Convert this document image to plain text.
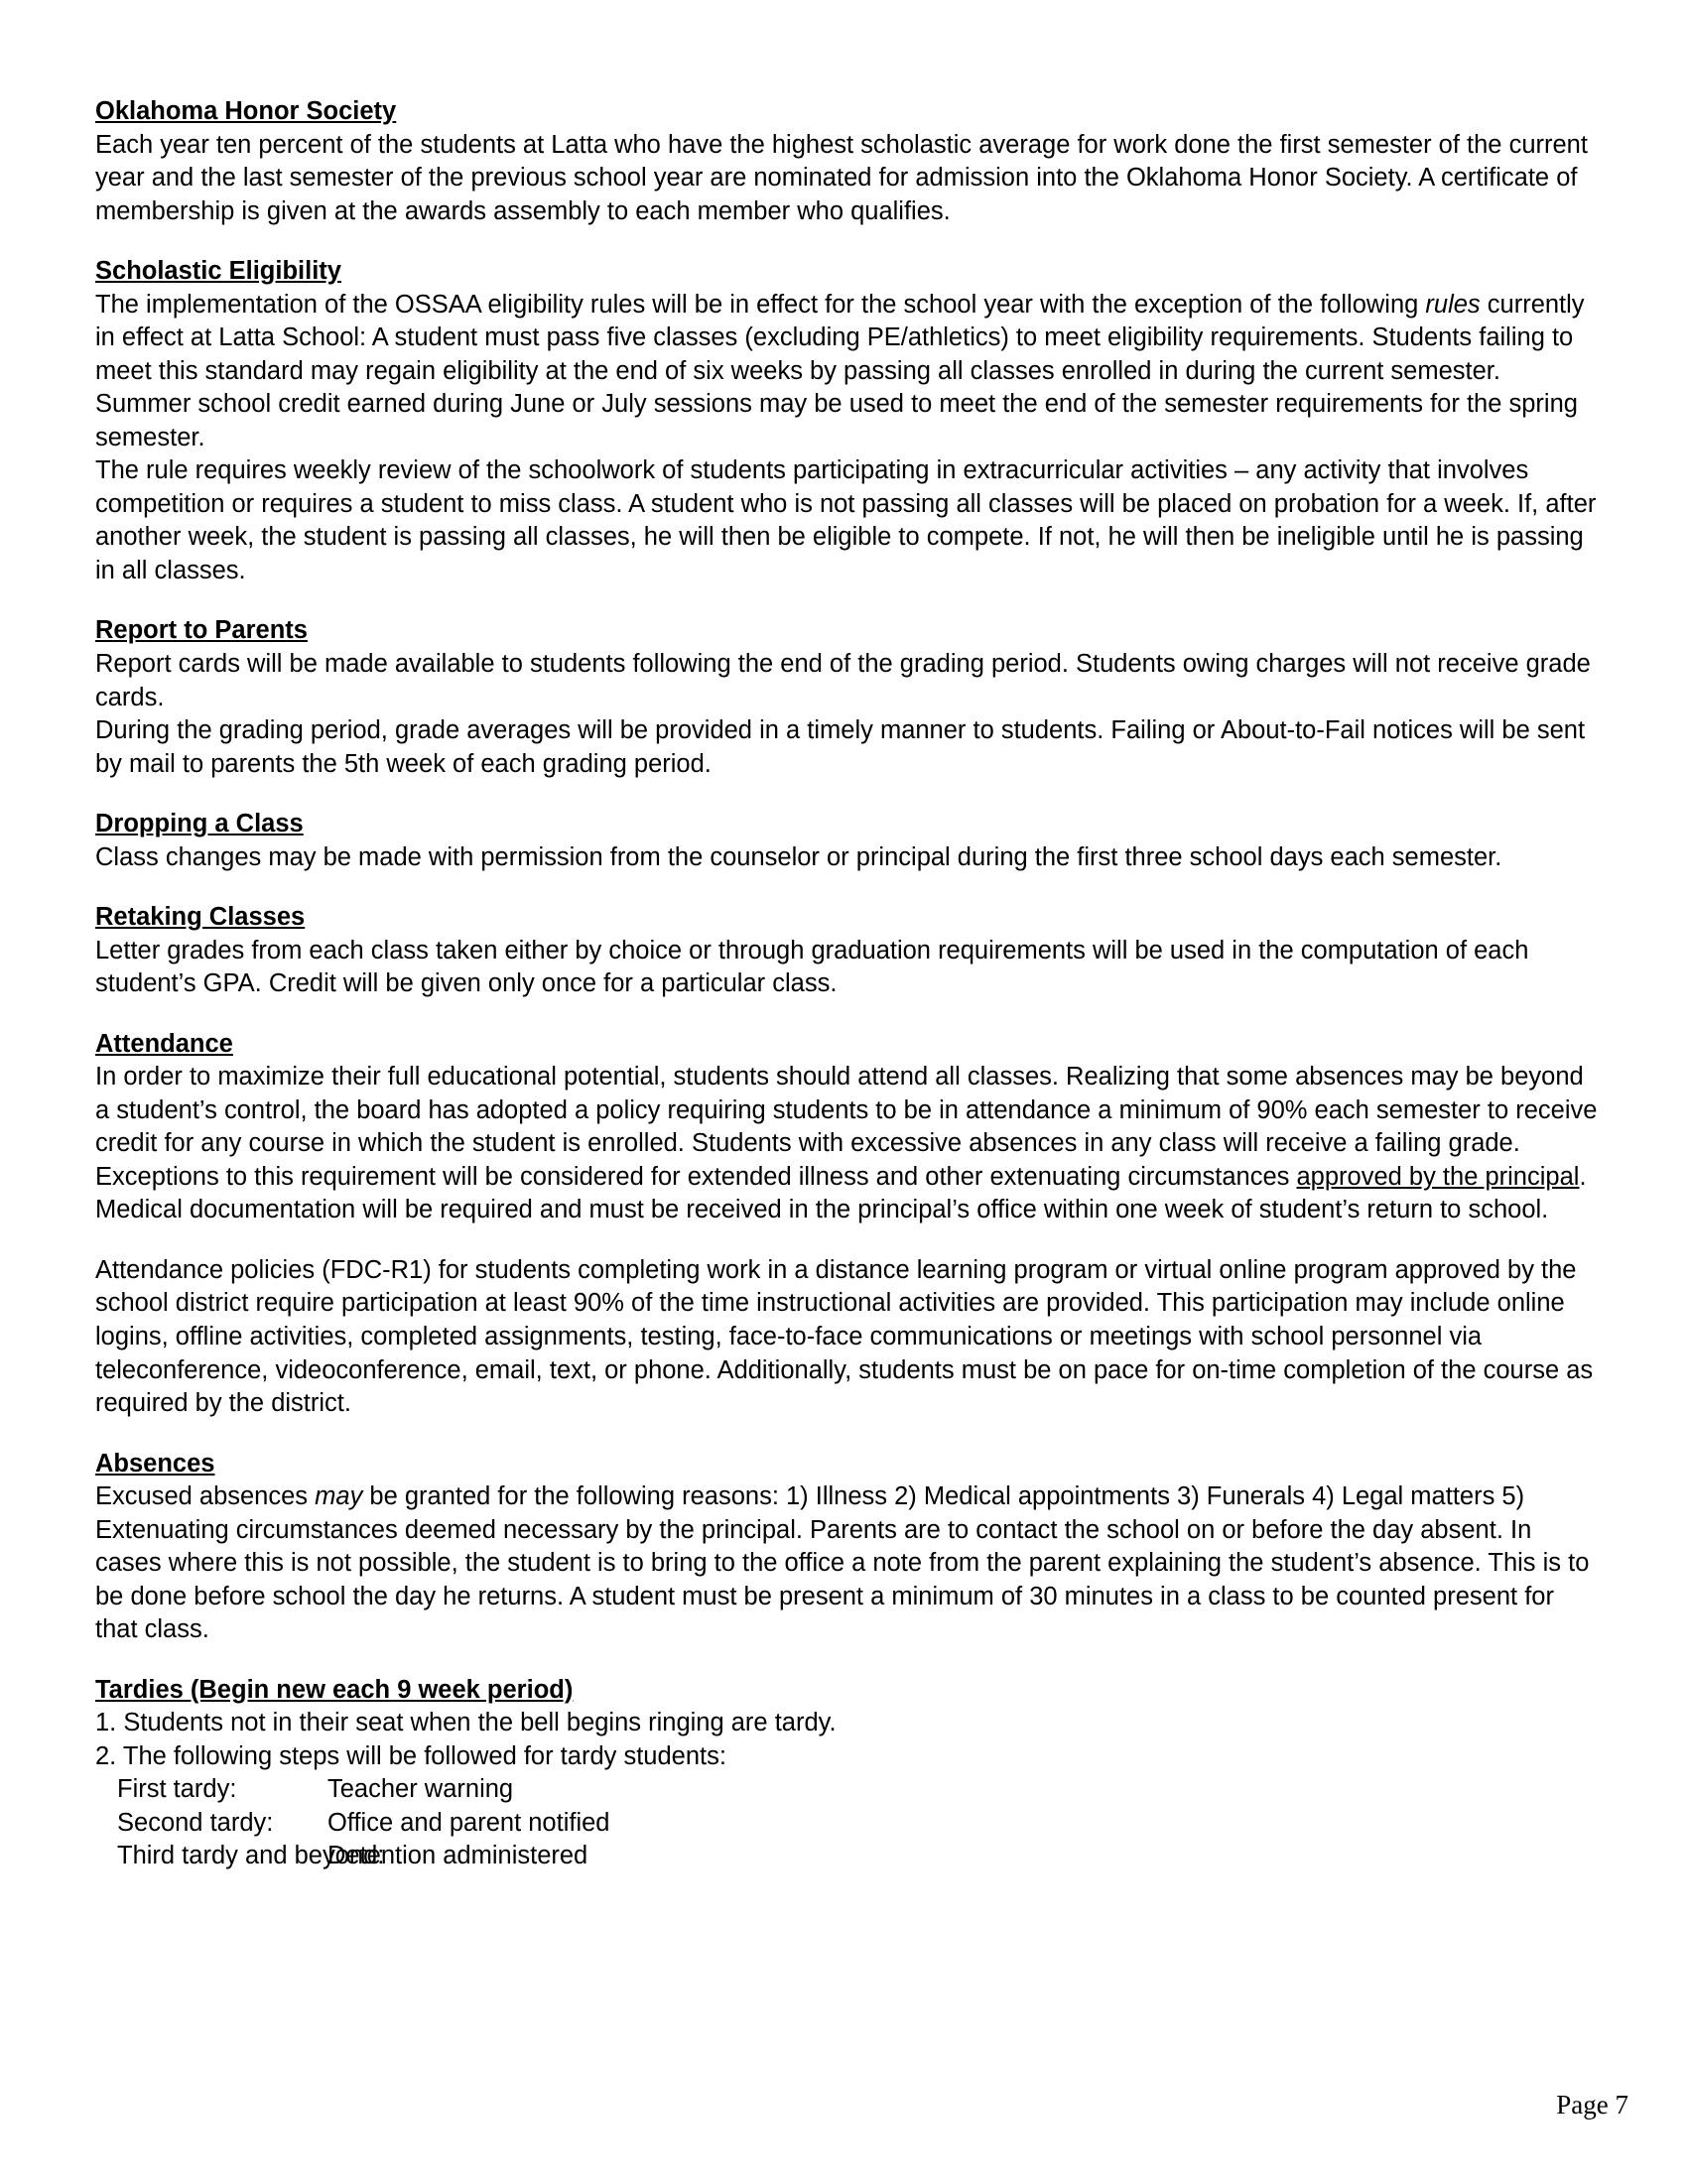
Oklahoma Honor Society

Each year ten percent of the students at Latta who have the highest scholastic average for work done the first semester of the current year and the last semester of the previous school year are nominated for admission into the Oklahoma Honor Society. A certificate of membership is given at the awards assembly to each member who qualifies.

Scholastic Eligibility

The implementation of the OSSAA eligibility rules will be in effect for the school year with the exception of the following rules currently in effect at Latta School: A student must pass five classes (excluding PE/athletics) to meet eligibility requirements. Students failing to meet this standard may regain eligibility at the end of six weeks by passing all classes enrolled in during the current semester. Summer school credit earned during June or July sessions may be used to meet the end of the semester requirements for the spring semester.

The rule requires weekly review of the schoolwork of students participating in extracurricular activities – any activity that involves competition or requires a student to miss class. A student who is not passing all classes will be placed on probation for a week. If, after another week, the student is passing all classes, he will then be eligible to compete. If not, he will then be ineligible until he is passing in all classes.

Report to Parents

Report cards will be made available to students following the end of the grading period. Students owing charges will not receive grade cards.

During the grading period, grade averages will be provided in a timely manner to students. Failing or About-to-Fail notices will be sent by mail to parents the 5th week of each grading period.

Dropping a Class

Class changes may be made with permission from the counselor or principal during the first three school days each semester.

Retaking Classes

Letter grades from each class taken either by choice or through graduation requirements will be used in the computation of each student’s GPA. Credit will be given only once for a particular class.

Attendance

In order to maximize their full educational potential, students should attend all classes. Realizing that some absences may be beyond a student’s control, the board has adopted a policy requiring students to be in attendance a minimum of 90% each semester to receive credit for any course in which the student is enrolled. Students with excessive absences in any class will receive a failing grade. Exceptions to this requirement will be considered for extended illness and other extenuating circumstances approved by the principal. Medical documentation will be required and must be received in the principal’s office within one week of student’s return to school.

Attendance policies (FDC-R1) for students completing work in a distance learning program or virtual online program approved by the school district require participation at least 90% of the time instructional activities are provided. This participation may include online logins, offline activities, completed assignments, testing, face-to-face communications or meetings with school personnel via teleconference, videoconference, email, text, or phone. Additionally, students must be on pace for on-time completion of the course as required by the district.

Absences

Excused absences may be granted for the following reasons: 1) Illness 2) Medical appointments 3) Funerals 4) Legal matters 5) Extenuating circumstances deemed necessary by the principal. Parents are to contact the school on or before the day absent. In cases where this is not possible, the student is to bring to the office a note from the parent explaining the student’s absence. This is to be done before school the day he returns. A student must be present a minimum of 30 minutes in a class to be counted present for that class.

Tardies (Begin new each 9 week period)

1. Students not in their seat when the bell begins ringing are tardy.

2. The following steps will be followed for tardy students:

First tardy:	Teacher warning
Second tardy: Office and parent notified
Third tardy and beyond:Detention administered
Page 7
